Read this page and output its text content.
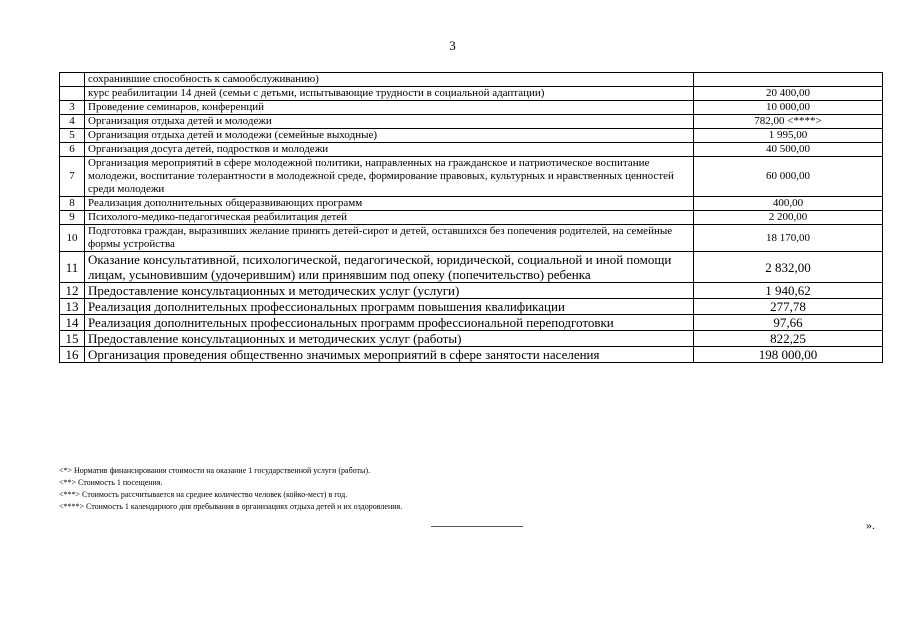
3
	сохранившие способность к самообслуживанию)	
	курс реабилитации 14 дней (семьи с детьми, испытывающие трудности в социальной адаптации)	20 400,00
3	Проведение семинаров, конференций	10 000,00
4	Организация отдыха детей и молодежи	782,00 <****>
5	Организация отдыха детей и молодежи (семейные выходные)	1 995,00
6	Организация досуга детей, подростков и молодежи	40 500,00
7	Организация мероприятий в сфере молодежной политики, направленных на гражданское и патриотическое воспитание молодежи, воспитание толерантности в молодежной среде, формирование правовых, культурных и нравственных ценностей среди молодежи	60 000,00
8	Реализация дополнительных общеразвивающих программ	400,00
9	Психолого-медико-педагогическая реабилитация детей	2 200,00
10	Подготовка граждан, выразивших желание принять детей-сирот и детей, оставшихся без попечения родителей, на семейные формы устройства	18 170,00
11	Оказание консультативной, психологической, педагогической, юридической, социальной и иной помощи лицам, усыновившим (удочерившим) или принявшим под опеку (попечительство) ребенка	2 832,00
12	Предоставление консультационных и методических услуг (услуги)	1 940,62
13	Реализация дополнительных профессиональных программ повышения квалификации	277,78
14	Реализация дополнительных профессиональных программ профессиональной переподготовки	97,66
15	Предоставление консультационных и методических услуг (работы)	822,25
16	Организация проведения общественно значимых мероприятий в сфере занятости населения	198 000,00
<*> Норматив финансирования стоимости на оказание 1 государственной услуги (работы).
<**> Стоимость 1 посещения.
<***> Стоимость рассчитывается на среднее количество человек (койко-мест) в год.
<****> Стоимость 1 календарного дня пребывания в организациях отдыха детей и их оздоровления.
».
